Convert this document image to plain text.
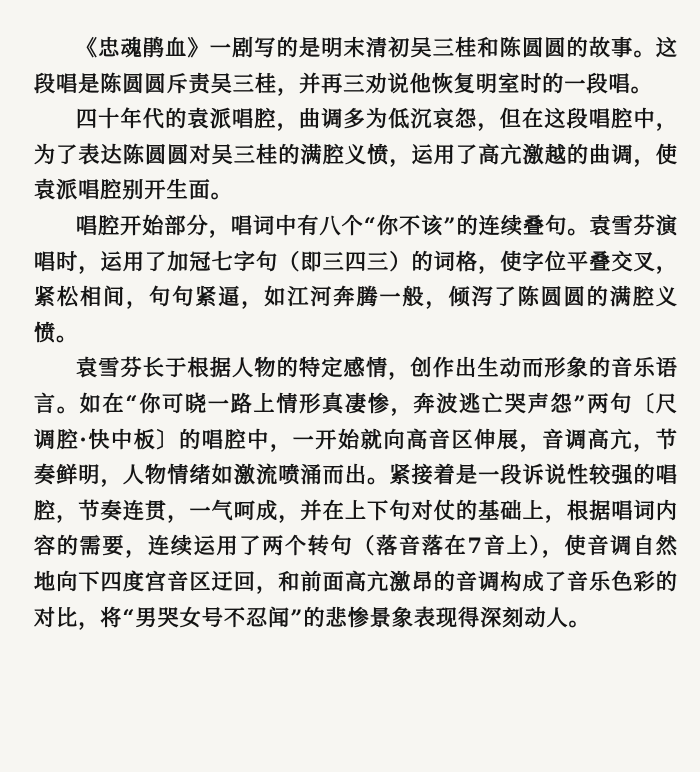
《忠魂鹃血》一剧写的是明末清初吴三桂和陈圆圆的故事。这段唱是陈圆圆斥责吴三桂，并再三劝说他恢复明室时的一段唱。

四十年代的袁派唱腔，曲调多为低沉哀怨，但在这段唱腔中，为了表达陈圆圆对吴三桂的满腔义愤，运用了高亢激越的曲调，使袁派唱腔别开生面。

唱腔开始部分，唱词中有八个“你不该”的连续叠句。袁雪芬演唱时，运用了加冠七字句（即三四三）的词格，使字位平叠交叉，紧松相间，句句紧逼，如江河奔腾一般，倾泻了陈圆圆的满腔义愤。

袁雪芬长于根据人物的特定感情，创作出生动而形象的音乐语言。如在“你可晓一路上情形真凄惨，奔波逃亡哭声怨”两句〔尺调腔·快中板〕的唱腔中，一开始就向高音区伸展，音调高亢，节奏鲜明，人物情绪如激流喷涌而出。紧接着是一段诉说性较强的唱腔，节奏连贯，一气呵成，并在上下句对仗的基础上，根据唱词内容的需要，连续运用了两个转句（落音落在7音上），使音调自然地向下四度宫音区迂回，和前面高亢激昂的音调构成了音乐色彩的对比，将“男哭女号不忍闻”的悲惨景象表现得深刻动人。
